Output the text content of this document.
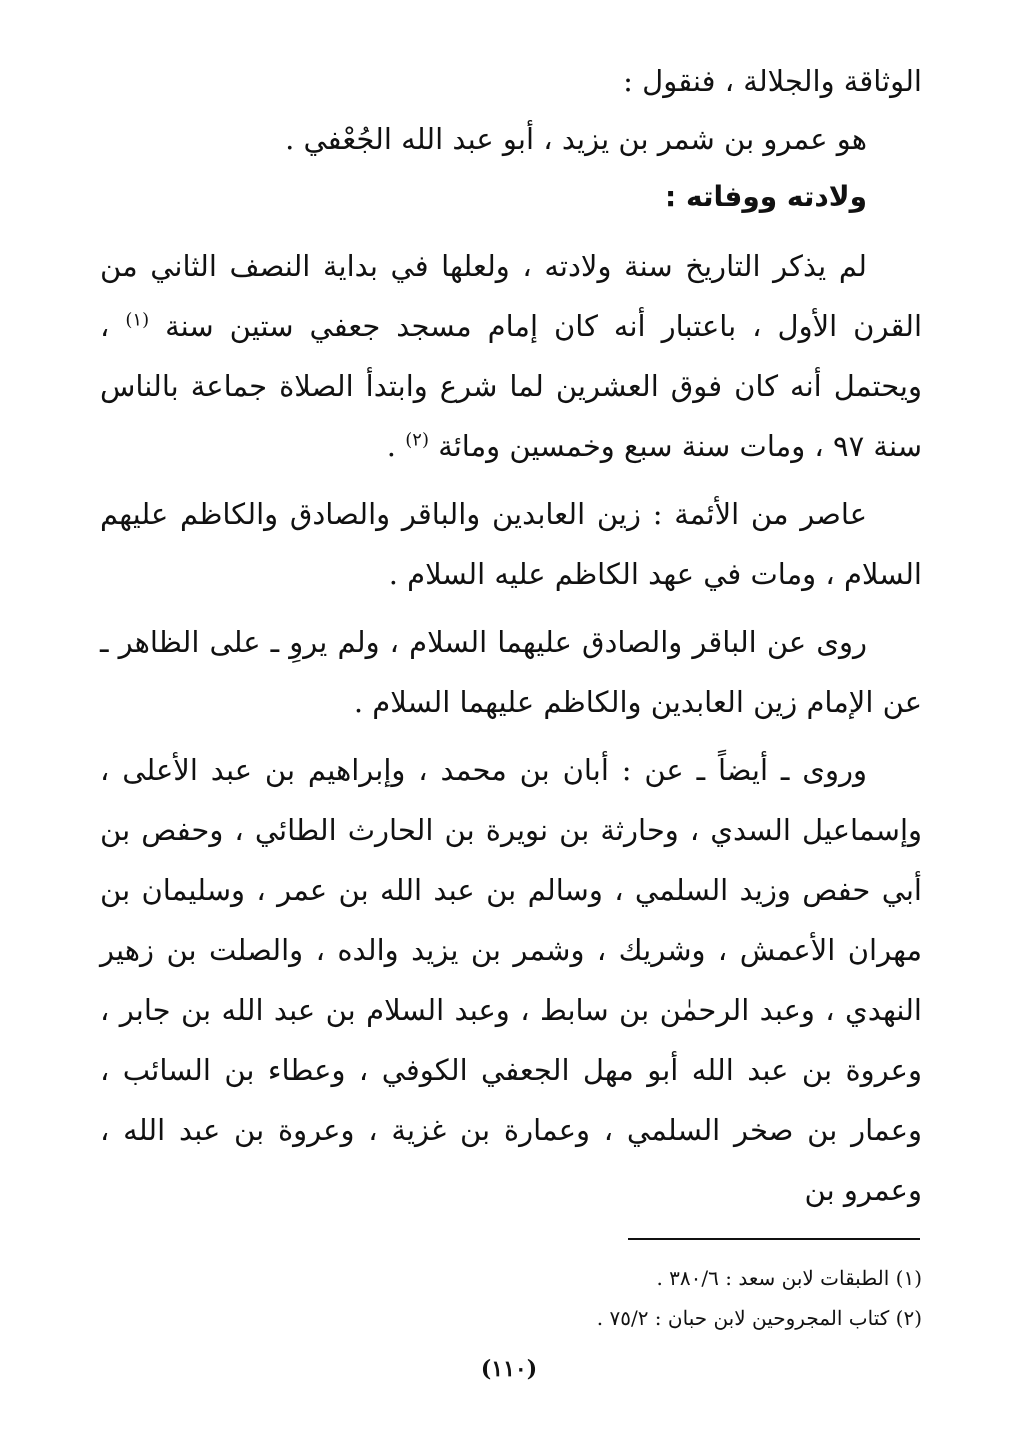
الوثاقة والجلالة ، فنقول :

هو عمرو بن شمر بن يزيد ، أبو عبد الله الجُعْفي .

ولادته ووفاته :

لم يذكر التاريخ سنة ولادته ، ولعلها في بداية النصف الثاني من القرن الأول ، باعتبار أنه كان إمام مسجد جعفي ستين سنة $^{(١)}$ ، ويحتمل أنه كان فوق العشرين لما شرع وابتدأ الصلاة جماعة بالناس سنة ٩٧ ، ومات سنة سبع وخمسين ومائة $^{(٢)}$ .

عاصر من الأئمة : زين العابدين والباقر والصادق والكاظم عليهم السلام ، ومات في عهد الكاظم عليه السلام .

روى عن الباقر والصادق عليهما السلام ، ولم يروِ ـ على الظاهر ـ عن الإمام زين العابدين والكاظم عليهما السلام .

وروى ـ أيضاً ـ عن : أبان بن محمد ، وإبراهيم بن عبد الأعلى ، وإسماعيل السدي ، وحارثة بن نويرة بن الحارث الطائي ، وحفص بن أبي حفص وزيد السلمي ، وسالم بن عبد الله بن عمر ، وسليمان بن مهران الأعمش ، وشريك ، وشمر بن يزيد والده ، والصلت بن زهير النهدي ، وعبد الرحمٰن بن سابط ، وعبد السلام بن عبد الله بن جابر ، وعروة بن عبد الله أبو مهل الجعفي الكوفي ، وعطاء بن السائب ، وعمار بن صخر السلمي ، وعمارة بن غزية ، وعروة بن عبد الله ، وعمرو بن

(١) الطبقات لابن سعد : ٣٨٠/٦ .
(٢) كتاب المجروحين لابن حبان : ٧٥/٢ .
(١١٠)
